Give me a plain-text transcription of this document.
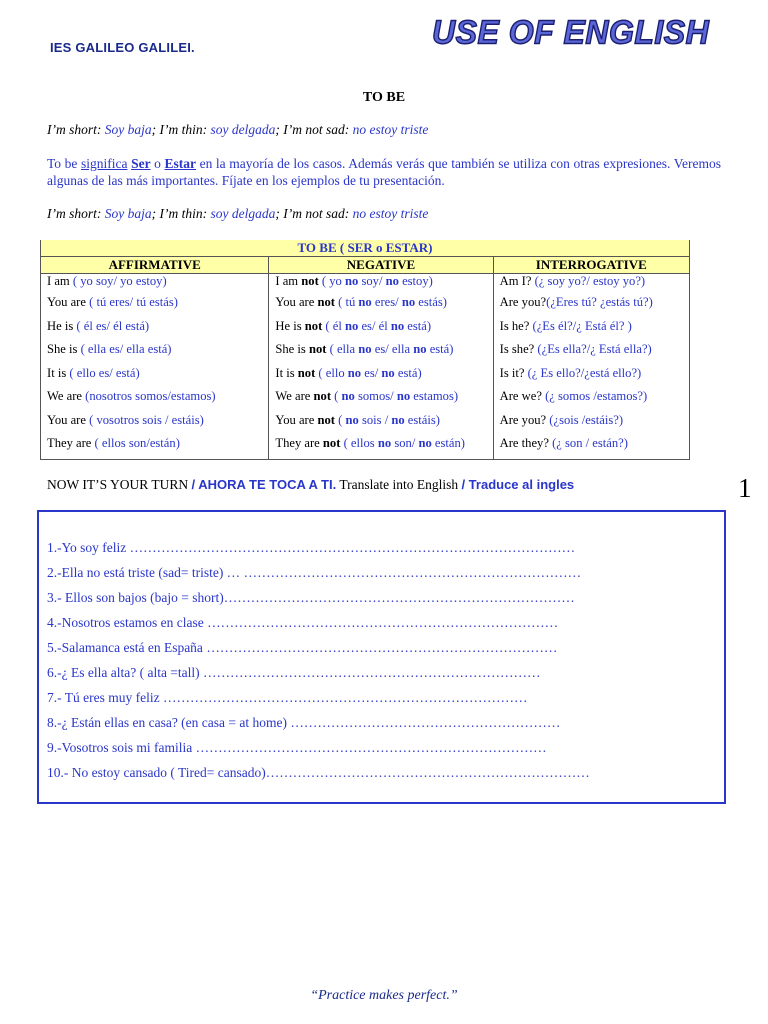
IES GALILEO GALILEI.	USE OF ENGLISH
TO BE
I’m short: Soy baja; I’m thin: soy delgada; I’m not sad: no estoy triste
To be significa Ser o Estar en la mayoría de los casos. Además verás que también se utiliza con otras expresiones. Veremos algunas de las más importantes. Fíjate en los ejemplos de tu presentación.
I’m short: Soy baja; I’m thin: soy delgada; I’m not sad: no estoy triste
TO BE ( SER o ESTAR)		
AFFIRMATIVE	NEGATIVE	INTERROGATIVE
I am ( yo soy/ yo estoy)	I am not ( yo no soy/ no estoy)	Am I? (¿ soy yo?/ estoy yo?)
You are ( tú eres/ tú estás)	You are not ( tú no eres/ no estás)	Are you?(¿Eres tú? ¿estás tú?)
He is ( él es/ él está)	He is not ( él no es/ él no está)	Is he? (¿Es él?/¿ Está él? )
She is ( ella es/ ella está)	She is not ( ella no es/ ella no está)	Is she? (¿Es ella?/¿ Está ella?)
It is ( ello es/ está)	It is not ( ello no es/ no está)	Is it? (¿ Es ello?/¿está ello?)
We are (nosotros somos/estamos)	We are not ( no somos/ no estamos)	Are we? (¿ somos /estamos?)
You are ( vosotros sois / estáis)	You are not ( no sois / no estáis)	Are you? (¿sois /estáis?)
They are ( ellos son/están)	They are not ( ellos no son/ no están)	Are they? (¿ son / están?)
NOW IT’S YOUR TURN / AHORA TE TOCA A TI. Translate into English / Traduce al ingles	1
1.-Yo soy feliz ………………………………………………………………………………………
2.-Ella no está triste (sad= triste) … …………………………………………………………………
3.- Ellos son bajos (bajo = short)……………………………………………………………………
4.-Nosotros estamos en clase ……………………………………………………………………
5.-Salamanca está en España ……………………………………………………………………
6.-¿ Es ella alta? ( alta =tall) …………………………………………………………………
7.- Tú eres muy feliz ………………………………………………………………………
8.-¿ Están ellas en casa? (en casa = at home) ……………………………………………………
9.-Vosotros sois mi familia ……………………………………………………………………
10.- No estoy cansado ( Tired= cansado)………………………………………………………………
“Practice makes perfect.”
